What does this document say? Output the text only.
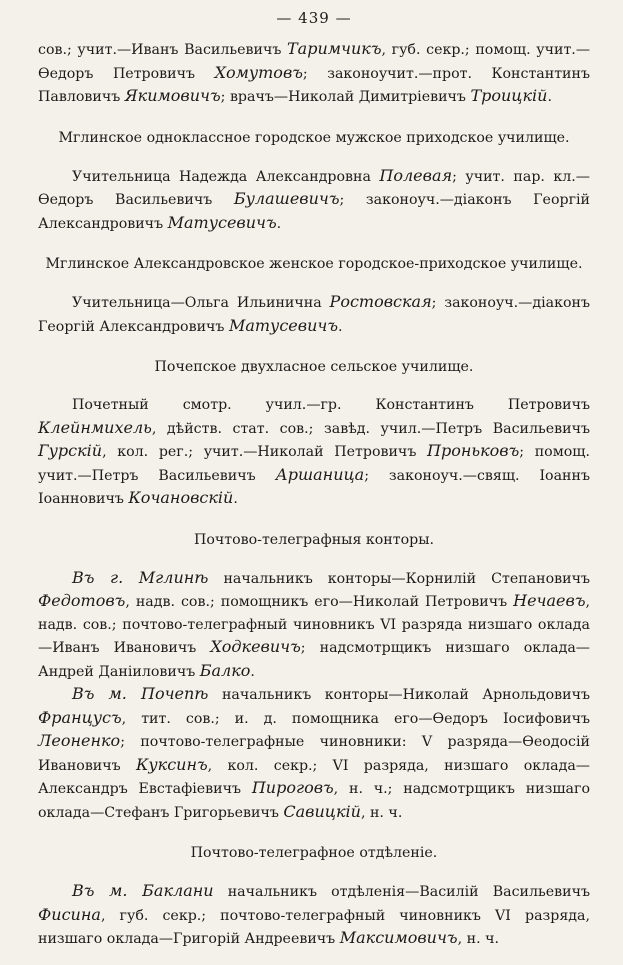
— 439 —

сов.; учит.—Иванъ Васильевичъ Таримчикъ, губ. секр.; помощ. учит.—Өедоръ Петровичъ Хомутовъ; законоучит.—прот. Константинъ Павловичъ Якимовичъ; врачъ—Николай Димитріевичъ Троицкій.

Мглинское одноклассное городское мужское приходское училище.

Учительница Надежда Александровна Полевая; учит. пар. кл.—Өедоръ Васильевичъ Булашевичъ; законоуч.—діаконъ Георгій Александровичъ Матусевичъ.

Мглинское Александровское женское городское-приходское училище.

Учительница—Ольга Ильинична Ростовская; законоуч.—діаконъ Георгій Александровичъ Матусевичъ.

Почепское двухласное сельское училище.

Почетный смотр. учил.—гр. Константинъ Петровичъ Клейнмихель, дѣйств. стат. сов.; завѣд. учил.—Петръ Васильевичъ Гурскій, кол. рег.; учит.—Николай Петровичъ Проньковъ; помощ. учит.—Петръ Васильевичъ Аршаница; законоуч.—свящ. Іоаннъ Іоанновичъ Кочановскій.

Почтово-телеграфныя конторы.

Въ г. Мглинѣ начальникъ конторы—Корнилій Степановичъ Федотовъ, надв. сов.; помощникъ его—Николай Петровичъ Нечаевъ, надв. сов.; почтово-телеграфный чиновникъ VI разряда низшаго оклада—Иванъ Ивановичъ Ходкевичъ; надсмотрщикъ низшаго оклада—Андрей Даніиловичъ Балко.

Въ м. Почепѣ начальникъ конторы—Николай Арнольдовичъ Францусъ, тит. сов.; и. д. помощника его—Өедоръ Іосифовичъ Леоненко; почтово-телеграфные чиновники: V разряда—Өеодосій Ивановичъ Куксинъ, кол. секр.; VI разряда, низшаго оклада—Александръ Евстафіевичъ Пироговъ, н. ч.; надсмотрщикъ низшаго оклада—Стефанъ Григорьевичъ Савицкій, н. ч.

Почтово-телеграфное отдѣленіе.

Въ м. Баклани начальникъ отдѣленія—Василій Васильевичъ Фисина, губ. секр.; почтово-телеграфный чиновникъ VI разряда, низшаго оклада—Григорій Андреевичъ Максимовичъ, н. ч.
